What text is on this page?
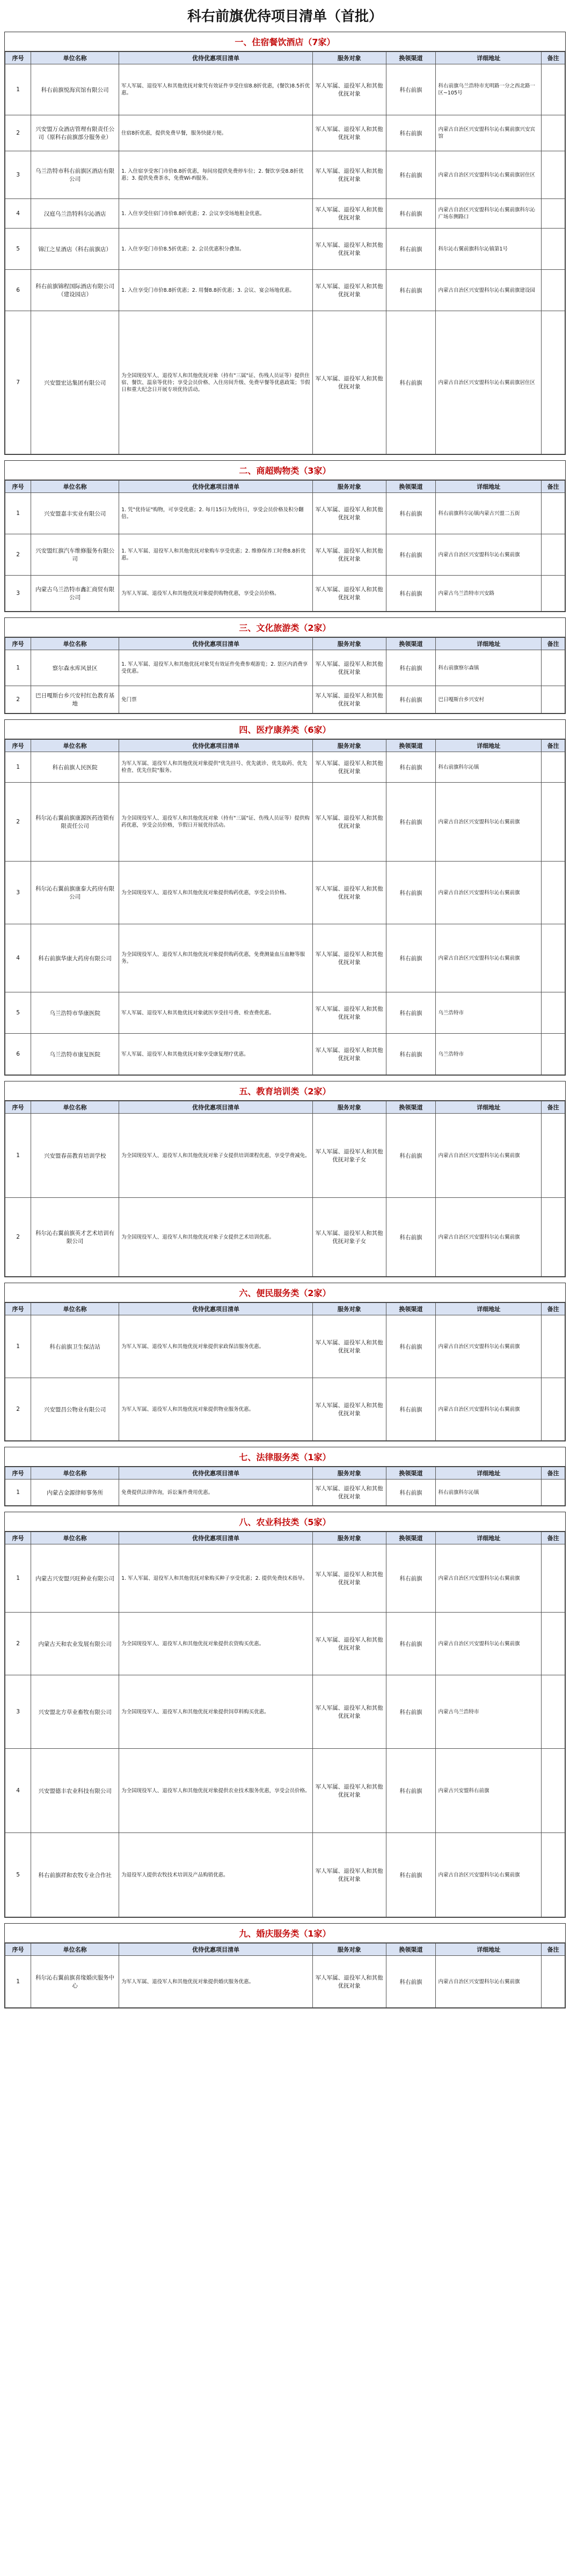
科右前旗优待项目清单（首批）
一、住宿餐饮酒店（7家）
序号	单位名称	优待优惠项目清单	服务对象	换领渠道	详细地址	备注
1	科右前旗悦海宾馆有限公司	军人军属、退役军人和其他优抚对象凭有效证件享受住宿8.8折优惠，(餐饮)8.5折优惠。	军人军属、退役军人和其他优抚对象	科右前旗	科右前旗乌兰浩特市光明路一分之西北路一区~105号	
2	兴安盟万众酒店管理有限责任公司（原科右前旗部分服务业）	住宿8折优惠，提供免费早餐，服务快捷方便。	军人军属、退役军人和其他优抚对象	科右前旗	内蒙古自治区兴安盟科尔沁右翼前旗兴安宾馆	
3	乌兰浩特市科右前旗区酒店有限公司	1. 入住宿享受客门市价8.8折优惠，每间房提供免费停车位；2. 餐饮享受8.8折优惠；3. 提供免费茶水，免费Wi-Fi服务。	军人军属、退役军人和其他优抚对象	科右前旗	内蒙古自治区兴安盟科尔沁右翼前旗居住区	
4	汉庭乌兰浩特科尔沁酒店	1. 入住享受住宿门市价8.8折优惠；2. 会议享受场地租金优惠。	军人军属、退役军人和其他优抚对象	科右前旗	内蒙古自治区兴安盟科尔沁右翼前旗科尔沁广场东侧路口	
5	锦江之星酒店（科右前旗店）	1. 入住享受门市价8.5折优惠；2. 会员优惠积分叠加。	军人军属、退役军人和其他优抚对象	科右前旗	科尔沁右翼前旗科尔沁镇第1号	
6	科右前旗锦程国际酒店有限公司（建设园店）	1. 入住享受门市价8.8折优惠；2. 用餐8.8折优惠；3. 会议、宴会场地优惠。	军人军属、退役军人和其他优抚对象	科右前旗	内蒙古自治区兴安盟科尔沁右翼前旗建设园	
7	兴安盟宏达集团有限公司	为全国现役军人、退役军人和其他优抚对象（持有"三属"证、伤残人员证等）提供住宿、餐饮、温泉等优待；享受会员价格、入住房间升级、免费早餐等优惠政策；节假日和重大纪念日开展专项优待活动。	军人军属、退役军人和其他优抚对象	科右前旗	内蒙古自治区兴安盟科尔沁右翼前旗居住区	
二、商超购物类（3家）
序号	单位名称	优待优惠项目清单	服务对象	换领渠道	详细地址	备注
1	兴安盟嘉丰实业有限公司	1. 凭"优待证"购物，可享受优惠；2. 每月15日为优待日，享受会员价格及积分翻倍。	军人军属、退役军人和其他优抚对象	科右前旗	科右前旗科尔沁镇内蒙古兴盟二五街	
2	兴安盟红旗汽车维修服务有限公司	1. 军人军属、退役军人和其他优抚对象购车享受优惠；2. 维修保养工时费8.8折优惠。	军人军属、退役军人和其他优抚对象	科右前旗	内蒙古自治区兴安盟科尔沁右翼前旗	
3	内蒙古乌兰浩特市鑫汇商贸有限公司	为军人军属、退役军人和其他优抚对象提供购物优惠，享受会员价格。	军人军属、退役军人和其他优抚对象	科右前旗	内蒙古乌兰浩特市兴安路	
三、文化旅游类（2家）
序号	单位名称	优待优惠项目清单	服务对象	换领渠道	详细地址	备注
1	察尔森水库风景区	1. 军人军属、退役军人和其他优抚对象凭有效证件免费参观游览；2. 景区内消费享受优惠。	军人军属、退役军人和其他优抚对象	科右前旗	科右前旗察尔森镇	
2	巴日嘎斯台乡兴安村红色教育基地	免门票	军人军属、退役军人和其他优抚对象	科右前旗	巴日嘎斯台乡兴安村	
四、医疗康养类（6家）
序号	单位名称	优待优惠项目清单	服务对象	换领渠道	详细地址	备注
1	科右前旗人民医院	为军人军属、退役军人和其他优抚对象提供"优先挂号、优先就诊、优先取药、优先检查、优先住院"服务。	军人军属、退役军人和其他优抚对象	科右前旗	科右前旗科尔沁镇	
2	科尔沁右翼前旗康源医药连锁有限责任公司	为全国现役军人、退役军人和其他优抚对象（持有"三属"证、伤残人员证等）提供购药优惠，享受会员价格，节假日开展优待活动。	军人军属、退役军人和其他优抚对象	科右前旗	内蒙古自治区兴安盟科尔沁右翼前旗	
3	科尔沁右翼前旗康泰大药房有限公司	为全国现役军人、退役军人和其他优抚对象提供购药优惠，享受会员价格。	军人军属、退役军人和其他优抚对象	科右前旗	内蒙古自治区兴安盟科尔沁右翼前旗	
4	科右前旗华康大药房有限公司	为全国现役军人、退役军人和其他优抚对象提供购药优惠，免费测量血压血糖等服务。	军人军属、退役军人和其他优抚对象	科右前旗	内蒙古自治区兴安盟科尔沁右翼前旗	
5	乌兰浩特市华康医院	军人军属、退役军人和其他优抚对象就医享受挂号费、检查费优惠。	军人军属、退役军人和其他优抚对象	科右前旗	乌兰浩特市	
6	乌兰浩特市康复医院	军人军属、退役军人和其他优抚对象享受康复理疗优惠。	军人军属、退役军人和其他优抚对象	科右前旗	乌兰浩特市	
五、教育培训类（2家）
序号	单位名称	优待优惠项目清单	服务对象	换领渠道	详细地址	备注
1	兴安盟春苗教育培训学校	为全国现役军人、退役军人和其他优抚对象子女提供培训课程优惠，享受学费减免。	军人军属、退役军人和其他优抚对象子女	科右前旗	内蒙古自治区兴安盟科尔沁右翼前旗	
2	科尔沁右翼前旗英才艺术培训有限公司	为全国现役军人、退役军人和其他优抚对象子女提供艺术培训优惠。	军人军属、退役军人和其他优抚对象子女	科右前旗	内蒙古自治区兴安盟科尔沁右翼前旗	
六、便民服务类（2家）
序号	单位名称	优待优惠项目清单	服务对象	换领渠道	详细地址	备注
1	科右前旗卫生保洁站	为军人军属、退役军人和其他优抚对象提供家政保洁服务优惠。	军人军属、退役军人和其他优抚对象	科右前旗	内蒙古自治区兴安盟科尔沁右翼前旗	
2	兴安盟昌公物业有限公司	为军人军属、退役军人和其他优抚对象提供物业服务优惠。	军人军属、退役军人和其他优抚对象	科右前旗	内蒙古自治区兴安盟科尔沁右翼前旗	
七、法律服务类（1家）
序号	单位名称	优待优惠项目清单	服务对象	换领渠道	详细地址	备注
1	内蒙古金源律师事务所	免费提供法律咨询，诉讼案件费用优惠。	军人军属、退役军人和其他优抚对象	科右前旗	科右前旗科尔沁镇	
八、农业科技类（5家）
序号	单位名称	优待优惠项目清单	服务对象	换领渠道	详细地址	备注
1	内蒙古兴安盟兴旺种业有限公司	1. 军人军属、退役军人和其他优抚对象购买种子享受优惠；2. 提供免费技术指导。	军人军属、退役军人和其他优抚对象	科右前旗	内蒙古自治区兴安盟科尔沁右翼前旗	
2	内蒙古天和农业发展有限公司	为全国现役军人、退役军人和其他优抚对象提供农资购买优惠。	军人军属、退役军人和其他优抚对象	科右前旗	内蒙古自治区兴安盟科尔沁右翼前旗	
3	兴安盟北方草业畜牧有限公司	为全国现役军人、退役军人和其他优抚对象提供饲草料购买优惠。	军人军属、退役军人和其他优抚对象	科右前旗	内蒙古乌兰浩特市	
4	兴安盟德丰农业科技有限公司	为全国现役军人、退役军人和其他优抚对象提供农业技术服务优惠，享受会员价格。	军人军属、退役军人和其他优抚对象	科右前旗	内蒙古兴安盟科右前旗	
5	科右前旗祥和农牧专业合作社	为退役军人提供农牧技术培训及产品购销优惠。	军人军属、退役军人和其他优抚对象	科右前旗	内蒙古自治区兴安盟科尔沁右翼前旗	
九、婚庆服务类（1家）
序号	单位名称	优待优惠项目清单	服务对象	换领渠道	详细地址	备注
1	科尔沁右翼前旗喜缘婚庆服务中心	为军人军属、退役军人和其他优抚对象提供婚庆服务优惠。	军人军属、退役军人和其他优抚对象	科右前旗	内蒙古自治区兴安盟科尔沁右翼前旗	
